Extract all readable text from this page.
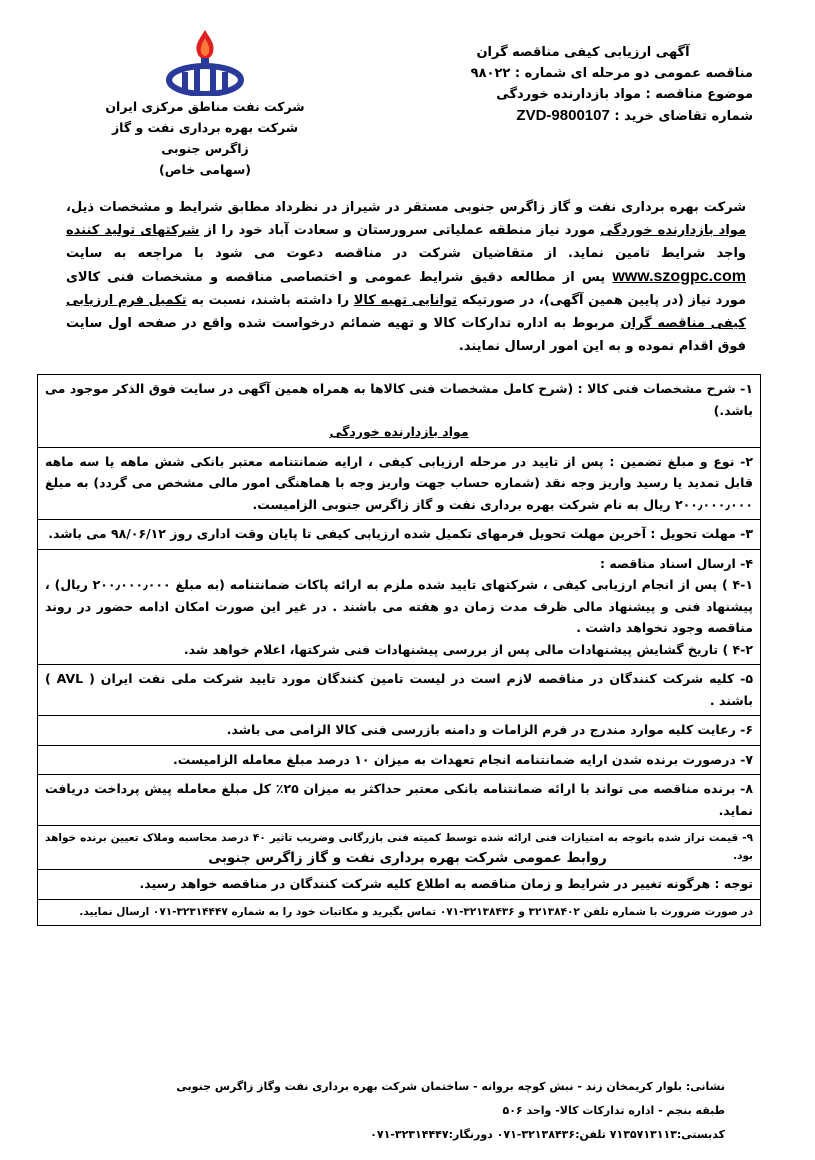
شرکت نفت مناطق مرکزی ایران

شرکت بهره برداری نفت و گاز زاگرس جنوبی

(سهامی خاص)

آگهی ارزیابی کیفی مناقصه گران

مناقصه عمومی دو مرحله ای شماره : ۹۸۰۲۲

موضوع مناقصه : مواد بازدارنده خوردگی

شماره تقاضای خرید : ZVD-9800107

شرکت بهره برداری نفت و گاز زاگرس جنوبی مستقر در شیراز در نظرداد مطابق شرایط و مشخصات ذیل، مواد بازدارنده خوردگی مورد نیاز منطقه عملیاتی سرورستان و سعادت آباد خود را از شرکتهای تولید کننده واجد شرایط تامین نماید. از متقاضیان شرکت در مناقصه دعوت می شود با مراجعه به سایت www.szogpc.com پس از مطالعه دقیق شرایط عمومی و اختصاصی مناقصه و مشخصات فنی کالای مورد نیاز (در پایین همین آگهی)، در صورتیکه توانایی تهیه کالا را داشته باشند، نسبت به تکمیل فرم ارزیابی کیفی مناقصه گران مربوط به اداره تدارکات کالا و تهیه ضمائم درخواست شده واقع در صفحه اول سایت فوق اقدام نموده و به این امور ارسال نمایند.

۱- شرح مشخصات فنی کالا : (شرح کامل مشخصات فنی کالاها به همراه همین آگهی در سایت فوق الذکر موجود می باشد.)
مواد بازدارنده خوردگی
۲- نوع و مبلغ تضمین : پس از تایید در مرحله ارزیابی کیفی ، ارایه ضمانتنامه معتبر بانکی شش ماهه یا سه ماهه قابل تمدید یا رسید واریز وجه نقد (شماره حساب جهت واریز وجه با هماهنگی امور مالی مشخص می گردد) به مبلغ ۲۰۰٫۰۰۰٫۰۰۰ ریال به نام شرکت بهره برداری نفت و گاز زاگرس جنوبی الزامیست.
۳- مهلت تحویل : آخرین مهلت تحویل فرمهای تکمیل شده ارزیابی کیفی تا پایان وقت اداری روز ۹۸/۰۶/۱۲ می باشد.
۴- ارسال اسناد مناقصه :
۴-۱ ) پس از انجام ارزیابی کیفی ، شرکتهای تایید شده ملزم به ارائه پاکات ضمانتنامه (به مبلغ ۲۰۰٫۰۰۰٫۰۰۰ ریال) ، پیشنهاد فنی و پیشنهاد مالی ظرف مدت زمان دو هفته می باشند . در غیر این صورت امکان ادامه حضور در روند مناقصه وجود نخواهد داشت .
۴-۲ ) تاریخ گشایش پیشنهادات مالی پس از بررسی پیشنهادات فنی شرکتها، اعلام خواهد شد.
۵- کلیه شرکت کنندگان در مناقصه لازم است در لیست تامین کنندگان مورد تایید شرکت ملی نفت ایران ( AVL ) باشند .
۶- رعایت کلیه موارد مندرج در فرم الزامات و دامنه بازرسی فنی کالا الزامی می باشد.
۷- درصورت برنده شدن ارایه ضمانتنامه انجام تعهدات به میزان ۱۰ درصد مبلغ معامله الزامیست.
۸- برنده مناقصه می تواند با ارائه ضمانتنامه بانکی معتبر حداکثر به میزان ۲۵٪ کل مبلغ معامله پیش پرداخت دریافت نماید.
۹- قیمت تراز شده باتوجه به امتیازات فنی ارائه شده توسط کمیته فنی بازرگانی وضریب تاثیر ۴۰ درصد محاسبه وملاک تعیین برنده خواهد بود.
توجه : هرگونه تغییر در شرایط و زمان مناقصه به اطلاع کلیه شرکت کنندگان در مناقصه خواهد رسید.
در صورت ضرورت با شماره تلفن ۳۲۱۳۸۴۰۲ و ۳۲۱۳۸۴۳۶-۰۷۱ تماس بگیرید و مکاتبات خود را به شماره ۳۲۳۱۴۴۴۷-۰۷۱ ارسال نمایید.

روابط عمومی شرکت بهره برداری نفت و گاز زاگرس جنوبی

نشانی: بلوار کریمخان زند - نبش کوچه بروانه - ساختمان شرکت بهره برداری نفت وگاز زاگرس جنوبی

طبقه بنجم - اداره تدارکات کالا- واحد ۵۰۶

کدبستی:۷۱۳۵۷۱۳۱۱۳ تلفن:۳۲۱۳۸۴۳۶-۰۷۱ دورنگار:۳۲۳۱۴۴۴۷-۰۷۱
